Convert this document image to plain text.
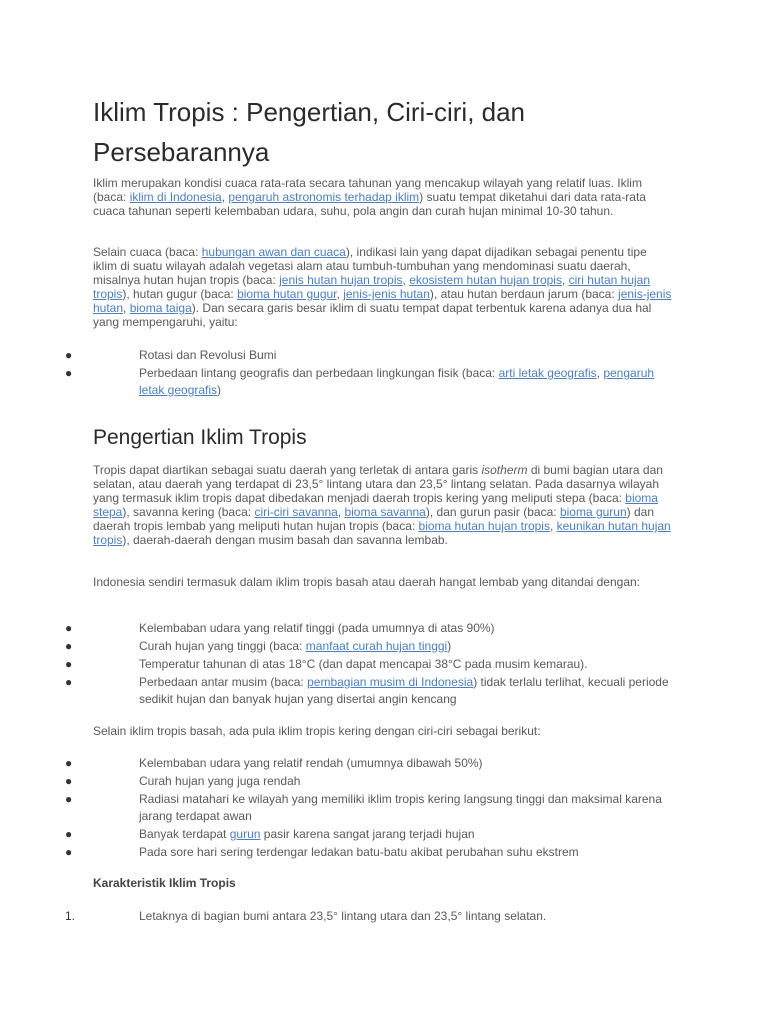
Iklim Tropis : Pengertian, Ciri-ciri, dan Persebarannya

Iklim merupakan kondisi cuaca rata-rata secara tahunan yang mencakup wilayah yang relatif luas. Iklim (baca: iklim di Indonesia, pengaruh astronomis terhadap iklim) suatu tempat diketahui dari data rata-rata cuaca tahunan seperti kelembaban udara, suhu, pola angin dan curah hujan minimal 10-30 tahun.

Selain cuaca (baca: hubungan awan dan cuaca), indikasi lain yang dapat dijadikan sebagai penentu tipe iklim di suatu wilayah adalah vegetasi alam atau tumbuh-tumbuhan yang mendominasi suatu daerah, misalnya hutan hujan tropis (baca: jenis hutan hujan tropis, ekosistem hutan hujan tropis, ciri hutan hujan tropis), hutan gugur (baca: bioma hutan gugur, jenis-jenis hutan), atau hutan berdaun jarum (baca: jenis-jenis hutan, bioma taiga). Dan secara garis besar iklim di suatu tempat dapat terbentuk karena adanya dua hal yang mempengaruhi, yaitu:

●	Rotasi dan Revolusi Bumi
●	Perbedaan lintang geografis dan perbedaan lingkungan fisik (baca: arti letak geografis, pengaruh letak geografis)
Pengertian Iklim Tropis

Tropis dapat diartikan sebagai suatu daerah yang terletak di antara garis isotherm di bumi bagian utara dan selatan, atau daerah yang terdapat di 23,5° lintang utara dan 23,5° lintang selatan. Pada dasarnya wilayah yang termasuk iklim tropis dapat dibedakan menjadi daerah tropis kering yang meliputi stepa (baca: bioma stepa), savanna kering (baca: ciri-ciri savanna, bioma savanna), dan gurun pasir (baca: bioma gurun) dan daerah tropis lembab yang meliputi hutan hujan tropis (baca: bioma hutan hujan tropis, keunikan hutan hujan tropis), daerah-daerah dengan musim basah dan savanna lembab.

Indonesia sendiri termasuk dalam iklim tropis basah atau daerah hangat lembab yang ditandai dengan:

●	Kelembaban udara yang relatif tinggi (pada umumnya di atas 90%)
●	Curah hujan yang tinggi (baca: manfaat curah hujan tinggi)
●	Temperatur tahunan di atas 18°C (dan dapat mencapai 38°C pada musim kemarau).
●	Perbedaan antar musim (baca: pembagian musim di Indonesia) tidak terlalu terlihat, kecuali periode sedikit hujan dan banyak hujan yang disertai angin kencang

Selain iklim tropis basah, ada pula iklim tropis kering dengan ciri-ciri sebagai berikut:

●	Kelembaban udara yang relatif rendah (umumnya dibawah 50%)
●	Curah hujan yang juga rendah
●	Radiasi matahari ke wilayah yang memiliki iklim tropis kering langsung tinggi dan maksimal karena jarang terdapat awan
●	Banyak terdapat gurun pasir karena sangat jarang terjadi hujan
●	Pada sore hari sering terdengar ledakan batu-batu akibat perubahan suhu ekstrem
Karakteristik Iklim Tropis
1.	Letaknya di bagian bumi antara 23,5° lintang utara dan 23,5° lintang selatan.
